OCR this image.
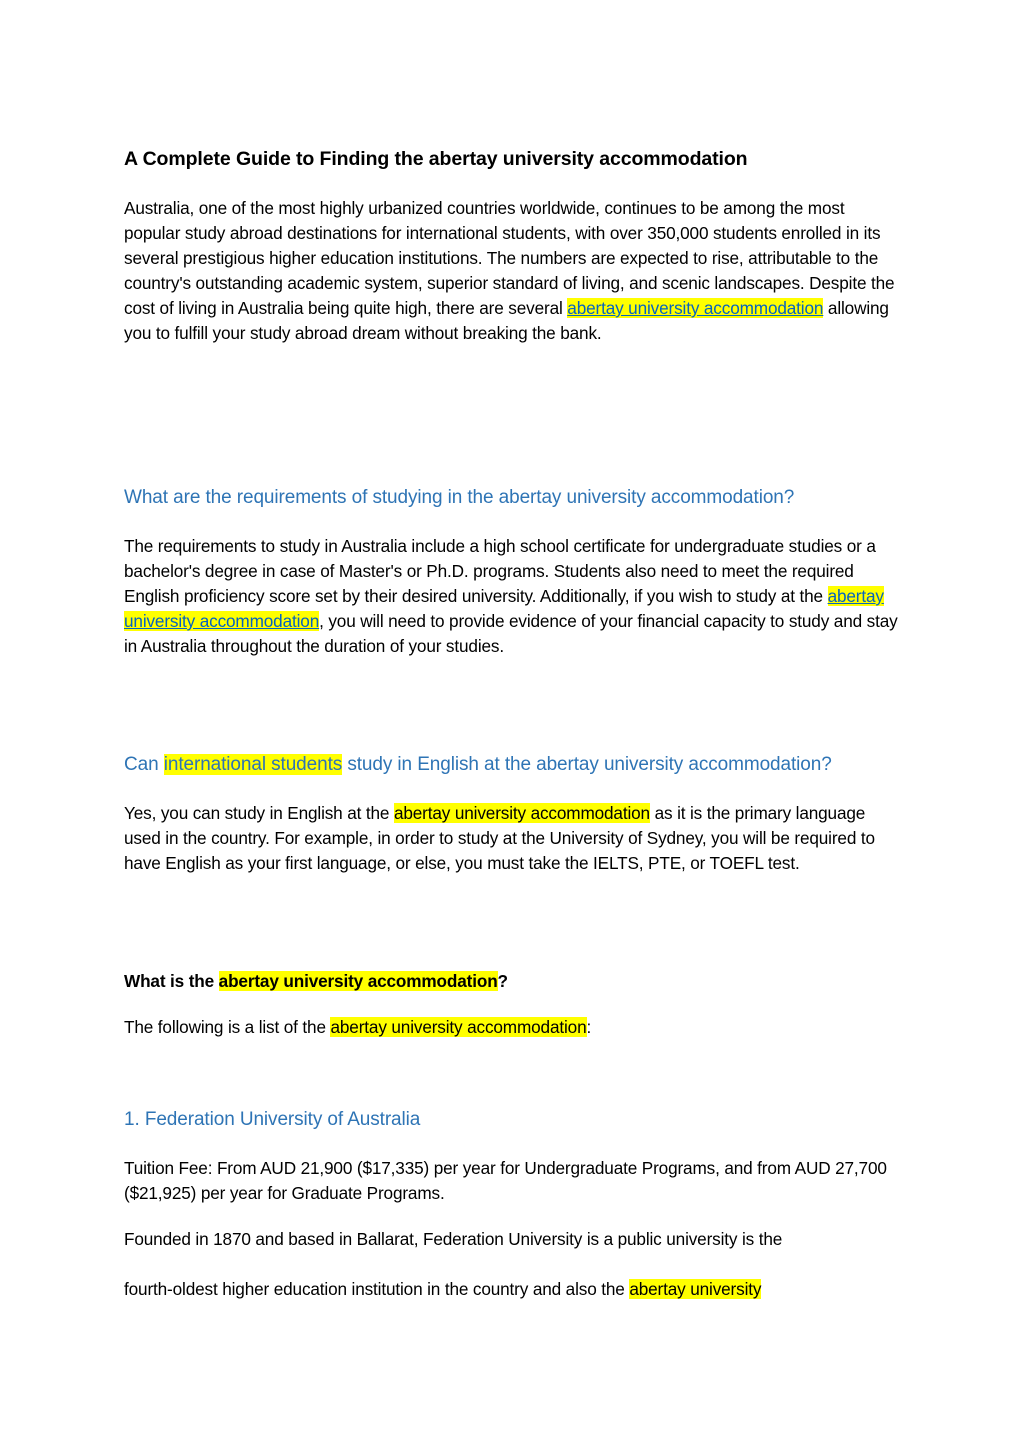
A Complete Guide to Finding the abertay university accommodation
Australia, one of the most highly urbanized countries worldwide, continues to be among the most popular study abroad destinations for international students, with over 350,000 students enrolled in its several prestigious higher education institutions. The numbers are expected to rise, attributable to the country's outstanding academic system, superior standard of living, and scenic landscapes. Despite the cost of living in Australia being quite high, there are several abertay university accommodation allowing you to fulfill your study abroad dream without breaking the bank.
What are the requirements of studying in the abertay university accommodation?
The requirements to study in Australia include a high school certificate for undergraduate studies or a bachelor's degree in case of Master's or Ph.D. programs. Students also need to meet the required English proficiency score set by their desired university. Additionally, if you wish to study at the abertay university accommodation, you will need to provide evidence of your financial capacity to study and stay in Australia throughout the duration of your studies.
Can international students study in English at the abertay university accommodation?
Yes, you can study in English at the abertay university accommodation as it is the primary language used in the country. For example, in order to study at the University of Sydney, you will be required to have English as your first language, or else, you must take the IELTS, PTE, or TOEFL test.
What is the abertay university accommodation?
The following is a list of the abertay university accommodation:
1. Federation University of Australia
Tuition Fee: From AUD 21,900 ($17,335) per year for Undergraduate Programs, and from AUD 27,700 ($21,925) per year for Graduate Programs.
Founded in 1870 and based in Ballarat, Federation University is a public university is the
fourth-oldest higher education institution in the country and also the abertay university
